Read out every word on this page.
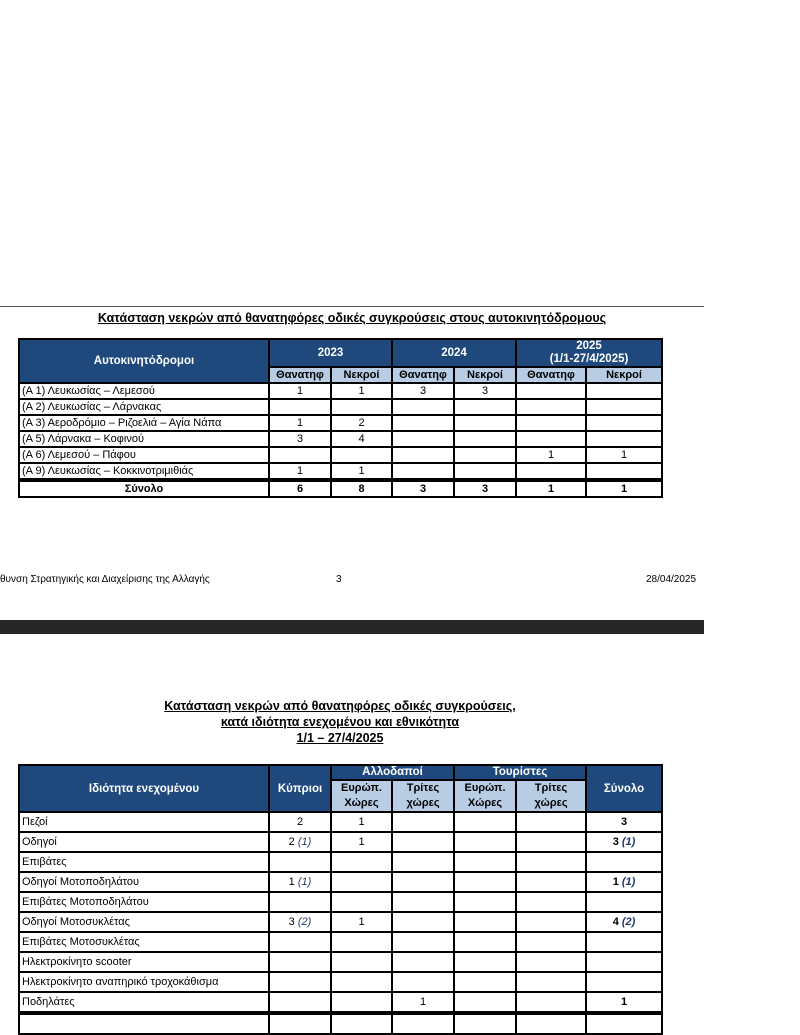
Κατάσταση νεκρών από θανατηφόρες οδικές συγκρούσεις στους αυτοκινητόδρομους
Αυτοκινητόδρομοι	2023		2024		2025
(1/1-27/4/2025)	

	Θανατηφ	Νεκροί	Θανατηφ	Νεκροί	Θανατηφ	Νεκροί
(Α 1) Λευκωσίας – Λεμεσού	1	1	3	3		
(Α 2) Λευκωσίας – Λάρνακας						
(Α 3) Αεροδρόμιο – Ριζοελιά – Αγία Νάπα	1	2				
(Α 5) Λάρνακα – Κοφινού	3	4				
(Α 6) Λεμεσού – Πάφου					1	1
(Α 9) Λευκωσίας – Κοκκινοτριμιθιάς	1	1				
Σύνολο	6	8	3	3	1	1
θυνση Στρατηγικής και Διαχείρισης της Αλλαγής	3	28/04/2025
Κατάσταση νεκρών από θανατηφόρες οδικές συγκρούσεις,
κατά ιδιότητα ενεχομένου και εθνικότητα
1/1 – 27/4/2025
Ιδιότητα ενεχομένου	Κύπριοι	Αλλοδαποί		Τουρίστες		Σύνολο
		Ευρώπ. Χώρες	Τρίτες χώρες	Ευρώπ. Χώρες	Τρίτες χώρες	
Πεζοί	2	1				3
Οδηγοί	2 (1)	1				3 (1)
Επιβάτες						
Οδηγοί Μοτοποδηλάτου	1 (1)					1 (1)
Επιβάτες Μοτοποδηλάτου						
Οδηγοί Μοτοσυκλέτας	3 (2)	1				4 (2)
Επιβάτες Μοτοσυκλέτας						
Ηλεκτροκίνητο scooter						
Ηλεκτροκίνητο αναπηρικό τροχοκάθισμα						
Ποδηλάτες			1			1
